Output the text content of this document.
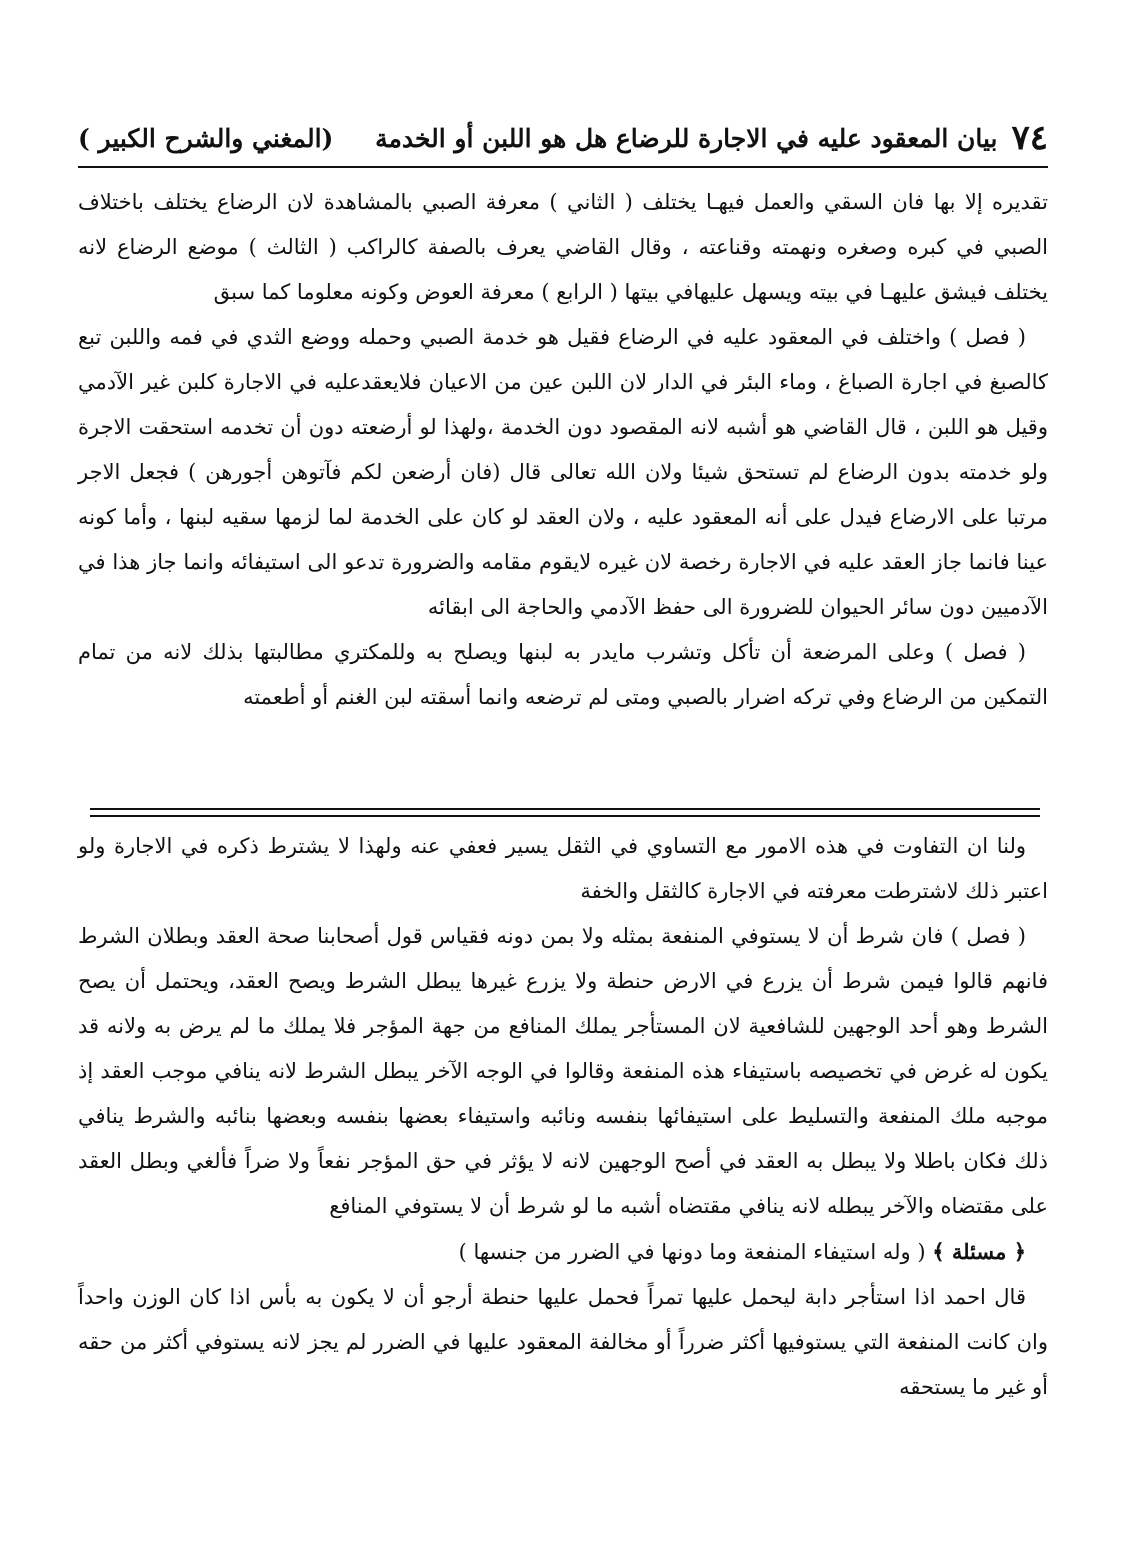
٧٤
بيان المعقود عليه في الاجارة للرضاع هل هو اللبن أو الخدمة
(المغني والشرح الكبير )

تقديره إلا بها فان السقي والعمل فيهـا يختلف ( الثاني ) معرفة الصبي بالمشاهدة لان الرضاع يختلف باختلاف الصبي في كبره وصغره ونهمته وقناعته ، وقال القاضي يعرف بالصفة كالراكب ( الثالث ) موضع الرضاع لانه يختلف فيشق عليهـا في بيته ويسهل عليهافي بيتها ( الرابع ) معرفة العوض وكونه معلوما كما سبق

( فصل ) واختلف في المعقود عليه في الرضاع فقيل هو خدمة الصبي وحمله ووضع الثدي في فمه واللبن تبع كالصبغ في اجارة الصباغ ، وماء البئر في الدار لان اللبن عين من الاعيان فلايعقدعليه في الاجارة كلبن غير الآدمي وقيل هو اللبن ، قال القاضي هو أشبه لانه المقصود دون الخدمة ،ولهذا لو أرضعته دون أن تخدمه استحقت الاجرة ولو خدمته بدون الرضاع لم تستحق شيئا ولان الله تعالى قال (فان أرضعن لكم فآتوهن أجورهن ) فجعل الاجر مرتبا على الارضاع فيدل على أنه المعقود عليه ، ولان العقد لو كان على الخدمة لما لزمها سقيه لبنها ، وأما كونه عينا فانما جاز العقد عليه في الاجارة رخصة لان غيره لايقوم مقامه والضرورة تدعو الى استيفائه وانما جاز هذا في الآدميين دون سائر الحيوان للضرورة الى حفظ الآدمي والحاجة الى ابقائه

( فصل ) وعلى المرضعة أن تأكل وتشرب مايدر به لبنها ويصلح به وللمكتري مطالبتها بذلك لانه من تمام التمكين من الرضاع وفي تركه اضرار بالصبي ومتى لم ترضعه وانما أسقته لبن الغنم أو أطعمته

ولنا ان التفاوت في هذه الامور مع التساوي في الثقل يسير فعفي عنه ولهذا لا يشترط ذكره في الاجارة ولو اعتبر ذلك لاشترطت معرفته في الاجارة كالثقل والخفة

( فصل ) فان شرط أن لا يستوفي المنفعة بمثله ولا بمن دونه فقياس قول أصحابنا صحة العقد وبطلان الشرط فانهم قالوا فيمن شرط أن يزرع في الارض حنطة ولا يزرع غيرها يبطل الشرط ويصح العقد، ويحتمل أن يصح الشرط وهو أحد الوجهين للشافعية لان المستأجر يملك المنافع من جهة المؤجر فلا يملك ما لم يرض به ولانه قد يكون له غرض في تخصيصه باستيفاء هذه المنفعة وقالوا في الوجه الآخر يبطل الشرط لانه ينافي موجب العقد إذ موجبه ملك المنفعة والتسليط على استيفائها بنفسه ونائبه واستيفاء بعضها بنفسه وبعضها بنائبه والشرط ينافي ذلك فكان باطلا ولا يبطل به العقد في أصح الوجهين لانه لا يؤثر في حق المؤجر نفعاً ولا ضراً فألغي وبطل العقد على مقتضاه والآخر يبطله لانه ينافي مقتضاه أشبه ما لو شرط أن لا يستوفي المنافع

﴿ مسئلة ﴾ ( وله استيفاء المنفعة وما دونها في الضرر من جنسها )

قال احمد اذا استأجر دابة ليحمل عليها تمراً فحمل عليها حنطة أرجو أن لا يكون به بأس اذا كان الوزن واحداً وان كانت المنفعة التي يستوفيها أكثر ضرراً أو مخالفة المعقود عليها في الضرر لم يجز لانه يستوفي أكثر من حقه أو غير ما يستحقه
